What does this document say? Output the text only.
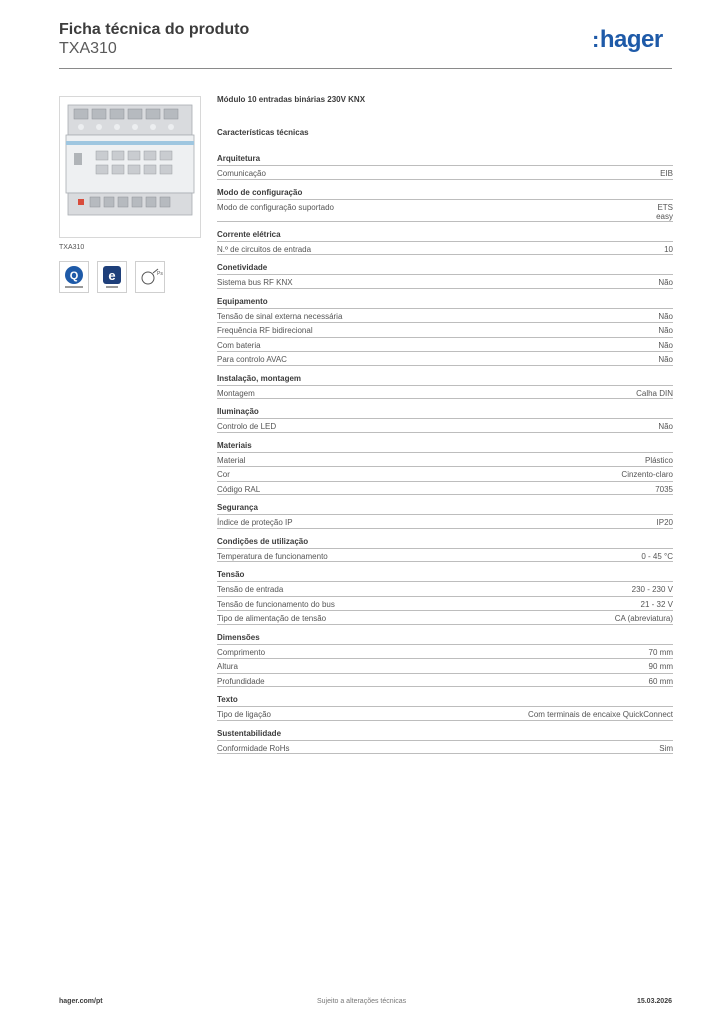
Ficha técnica do produto
TXA310	:hager
TXA310
Q e	Ps
Módulo 10 entradas binárias 230V KNX
Características técnicas
Arquitetura
Comunicação	EIB
Modo de configuração
Modo de configuração suportado	ETS
easy
Corrente elétrica
N.º de circuitos de entrada	10
Conetividade
Sistema bus RF KNX	Não
Equipamento
Tensão de sinal externa necessária	Não
Frequência RF bidirecional	Não
Com bateria	Não
Para controlo AVAC	Não
Instalação, montagem
Montagem	Calha DIN
Iluminação
Controlo de LED	Não
Materiais
Material	Plástico
Cor	Cinzento-claro
Código RAL	7035
Segurança
Índice de proteção IP	IP20
Condições de utilização
Temperatura de funcionamento	0 - 45 °C
Tensão
Tensão de entrada	230 - 230 V
Tensão de funcionamento do bus	21 - 32 V
Tipo de alimentação de tensão	CA (abreviatura)
Dimensões
Comprimento	70 mm
Altura	90 mm
Profundidade	60 mm
Texto
Tipo de ligação	Com terminais de encaixe QuickConnect
Sustentabilidade
Conformidade RoHs	Sim
hager.com/pt	Sujeito a alterações técnicas	15.03.2026
